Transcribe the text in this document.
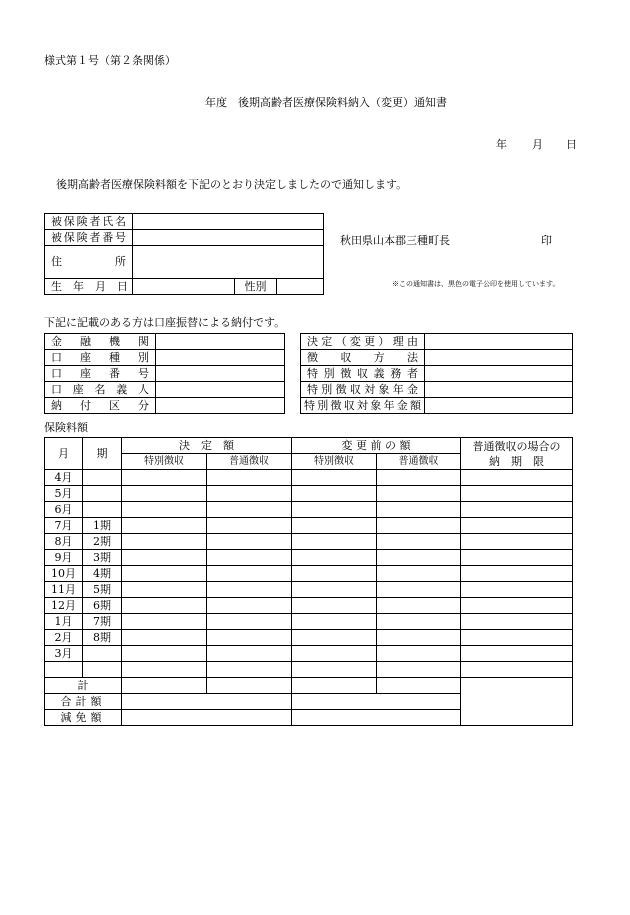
様式第１号（第２条関係）
年度　後期高齢者医療保険料納入（変更）通知書
年 月 日
後期高齢者医療保険料額を下記のとおり決定しましたので通知します。
被保険者氏名			

被保険者番号			

住　　所			

生　年　月　日		性別	
秋田県山本郡三種町長	印
※この通知書は、黒色の電子公印を使用しています。
下記に記載のある方は口座振替による納付です。
金融機関	

口座種別	

口座番号	

口座名義人	

納付区分	

決定（変更）理由	

徴収方法	

特別徴収義務者	

特別徴収対象年金	

特別徴収対象年金額	

保険料額
月	期	決　定　額		変 更 前 の 額		普通徴収の場合の
納　期　限
		特別徴収	普通徴収	特別徴収	普通徴収	
4月						
5月						
6月						
7月	1期					
8月	2期					
9月	3期					
10月	4期					
11月	5期					
12月	6期					
1月	7期					
2月	8期					
3月						

計						
合計額						
減免額						
